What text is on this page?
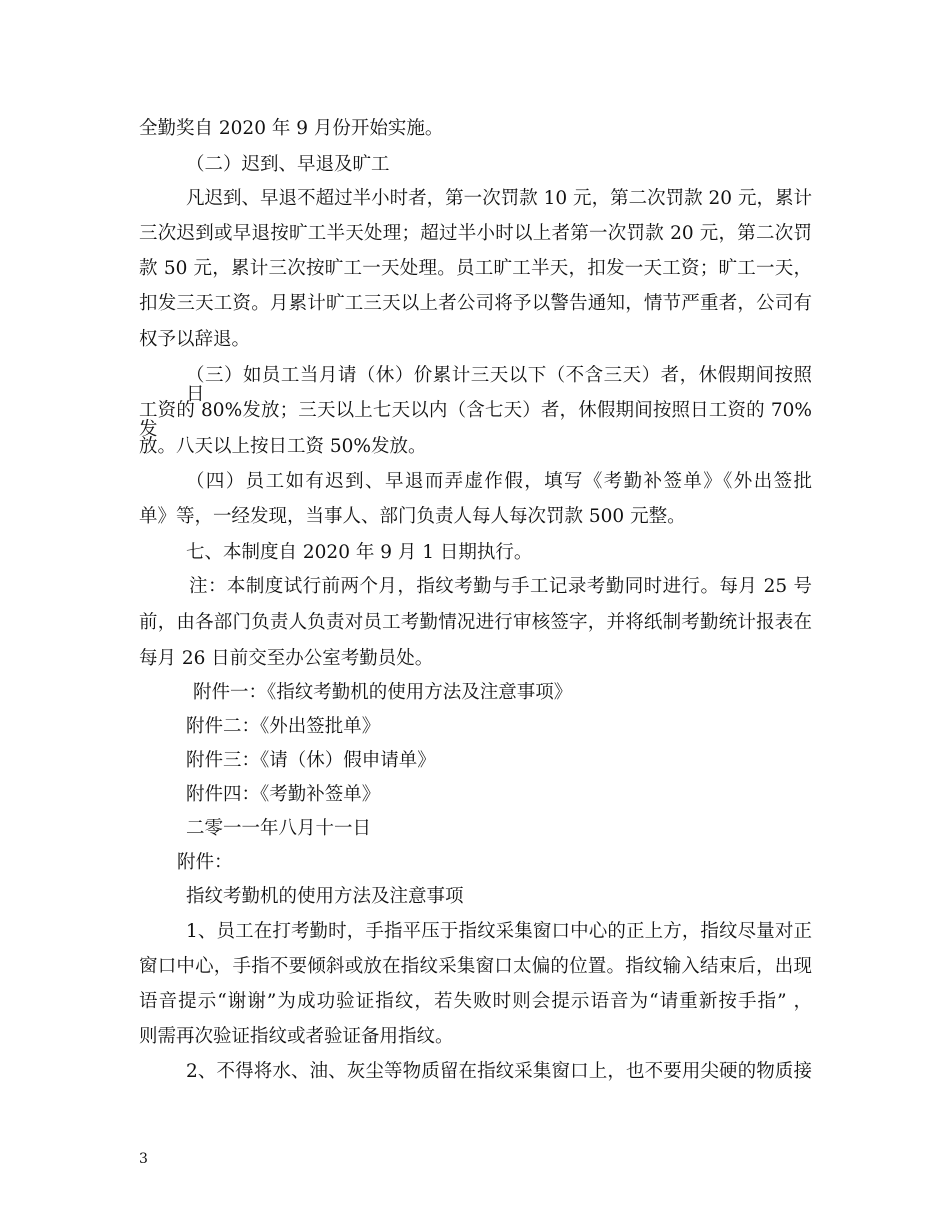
全勤奖自 2020 年 9 月份开始实施。
（二）迟到、早退及旷工
凡迟到、早退不超过半小时者，第一次罚款 10 元，第二次罚款 20 元，累计
三次迟到或早退按旷工半天处理；超过半小时以上者第一次罚款 20 元，第二次罚
款 50 元，累计三次按旷工一天处理。员工旷工半天，扣发一天工资；旷工一天，
扣发三天工资。月累计旷工三天以上者公司将予以警告通知，情节严重者，公司有
权予以辞退。
（三）如员工当月请（休）价累计三天以下（不含三天）者，休假期间按照日
工资的 80%发放；三天以上七天以内（含七天）者，休假期间按照日工资的 70%发
放。八天以上按日工资 50%发放。
（四）员工如有迟到、早退而弄虚作假，填写《考勤补签单》《外出签批
单》等，一经发现，当事人、部门负责人每人每次罚款 500 元整。
七、本制度自 2020 年 9 月 1 日期执行。
注：本制度试行前两个月，指纹考勤与手工记录考勤同时进行。每月 25 号
前，由各部门负责人负责对员工考勤情况进行审核签字，并将纸制考勤统计报表在
每月 26 日前交至办公室考勤员处。
附件一：《指纹考勤机的使用方法及注意事项》
附件二：《外出签批单》
附件三：《请（休）假申请单》
附件四：《考勤补签单》
二零一一年八月十一日
附件：
指纹考勤机的使用方法及注意事项
1、员工在打考勤时，手指平压于指纹采集窗口中心的正上方，指纹尽量对正
窗口中心，手指不要倾斜或放在指纹采集窗口太偏的位置。指纹输入结束后，出现
语音提示“谢谢”为成功验证指纹，若失败时则会提示语音为“请重新按手指” ，
则需再次验证指纹或者验证备用指纹。
2、不得将水、油、灰尘等物质留在指纹采集窗口上，也不要用尖硬的物质接
3
